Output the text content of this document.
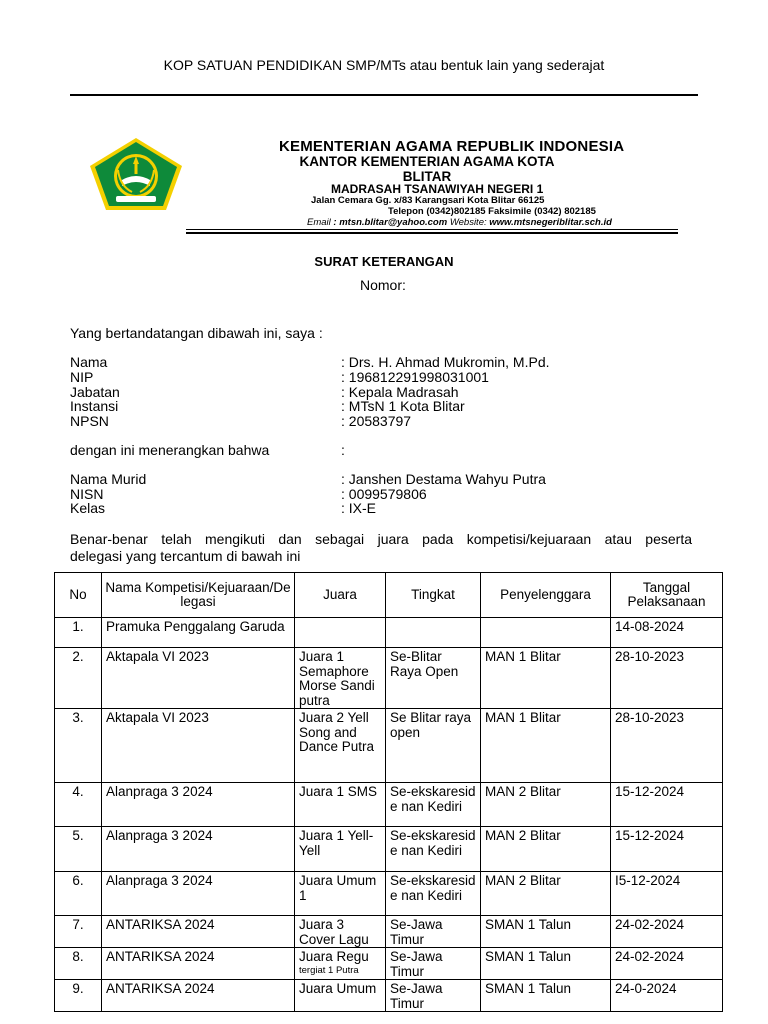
KOP SATUAN PENDIDIKAN SMP/MTs atau bentuk lain yang sederajat
KEMENTERIAN AGAMA REPUBLIK INDONESIA
KANTOR KEMENTERIAN AGAMA KOTA
BLITAR
MADRASAH TSANAWIYAH NEGERI 1
Jalan Cemara Gg. x/83 Karangsari Kota Blitar 66125
Telepon (0342)802185 Faksimile (0342) 802185
Email : mtsn.blitar@yahoo.com Website: www.mtsnegeriblitar.sch.id
SURAT KETERANGAN
Nomor:
Yang bertandatangan dibawah ini, saya :
Nama	: Drs. H. Ahmad Mukromin, M.Pd.
NIP	: 196812291998031001
Jabatan	: Kepala Madrasah
Instansi	: MTsN 1 Kota Blitar
NPSN	: 20583797
dengan ini menerangkan bahwa	:
Nama Murid	: Janshen Destama Wahyu Putra
NISN	: 0099579806
Kelas	: IX-E
Benar-benar telah mengikuti dan sebagai juara pada kompetisi/kejuaraan atau peserta
delegasi yang tercantum di bawah ini
No	Nama Kompetisi/Kejuaraan/Delegasi	Juara	Tingkat	Penyelenggara	Tanggal Pelaksanaan
1.	Pramuka Penggalang Garuda				14-08-2024
2.	Aktapala VI 2023	Juara 1 Semaphore Morse Sandi putra	Se-Blitar Raya Open	MAN 1 Blitar	28-10-2023
3.	Aktapala VI 2023	Juara 2 Yell Song and Dance Putra	Se Blitar raya open	MAN 1 Blitar	28-10-2023
4.	Alanpraga 3 2024	Juara 1 SMS	Se-ekskareside nan Kediri	MAN 2 Blitar	15-12-2024
5.	Alanpraga 3 2024	Juara 1 Yell-Yell	Se-ekskareside nan Kediri	MAN 2 Blitar	15-12-2024
6.	Alanpraga 3 2024	Juara Umum 1	Se-ekskareside nan Kediri	MAN 2 Blitar	I5-12-2024
7.	ANTARIKSA 2024	Juara 3 Cover Lagu	Se-Jawa Timur	SMAN 1 Talun	24-02-2024
8.	ANTARIKSA 2024	Juara Regu
tergiat 1 Putra	Se-Jawa Timur	SMAN 1 Talun	24-02-2024
9.	ANTARIKSA 2024	Juara Umum	Se-Jawa Timur	SMAN 1 Talun	24-0-2024
